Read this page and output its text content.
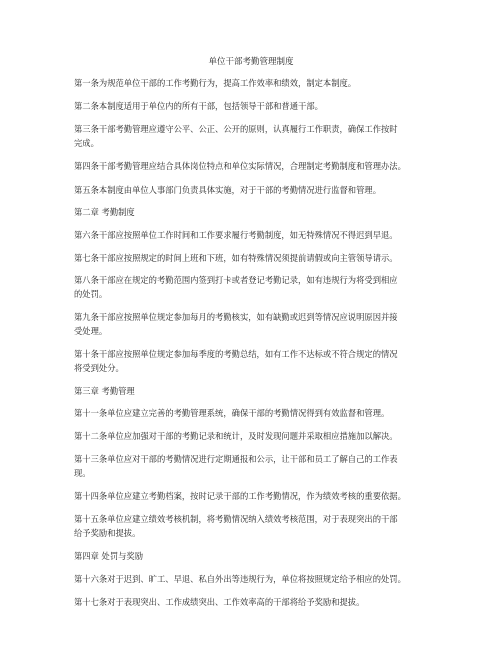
单位干部考勤管理制度
第一条为规范单位干部的工作考勤行为，提高工作效率和绩效，制定本制度。
第二条本制度适用于单位内的所有干部，包括领导干部和普通干部。
第三条干部考勤管理应遵守公平、公正、公开的原则，认真履行工作职责，确保工作按时
完成。
第四条干部考勤管理应结合具体岗位特点和单位实际情况，合理制定考勤制度和管理办法。
第五条本制度由单位人事部门负责具体实施，对于干部的考勤情况进行监督和管理。
第二章 考勤制度
第六条干部应按照单位工作时间和工作要求履行考勤制度，如无特殊情况不得迟到早退。
第七条干部应按照规定的时间上班和下班，如有特殊情况须提前请假或向主管领导请示。
第八条干部应在规定的考勤范围内签到打卡或者登记考勤记录，如有违规行为将受到相应
的处罚。
第九条干部应按照单位规定参加每月的考勤核实，如有缺勤或迟到等情况应说明原因并接
受处理。
第十条干部应按照单位规定参加每季度的考勤总结，如有工作不达标或不符合规定的情况
将受到处分。
第三章 考勤管理
第十一条单位应建立完善的考勤管理系统，确保干部的考勤情况得到有效监督和管理。
第十二条单位应加强对干部的考勤记录和统计，及时发现问题并采取相应措施加以解决。
第十三条单位应对干部的考勤情况进行定期通报和公示，让干部和员工了解自己的工作表
现。
第十四条单位应建立考勤档案，按时记录干部的工作考勤情况，作为绩效考核的重要依据。
第十五条单位应建立绩效考核机制，将考勤情况纳入绩效考核范围，对于表现突出的干部
给予奖励和提拔。
第四章 处罚与奖励
第十六条对于迟到、旷工、早退、私自外出等违规行为，单位将按照规定给予相应的处罚。
第十七条对于表现突出、工作成绩突出、工作效率高的干部将给予奖励和提拔。
